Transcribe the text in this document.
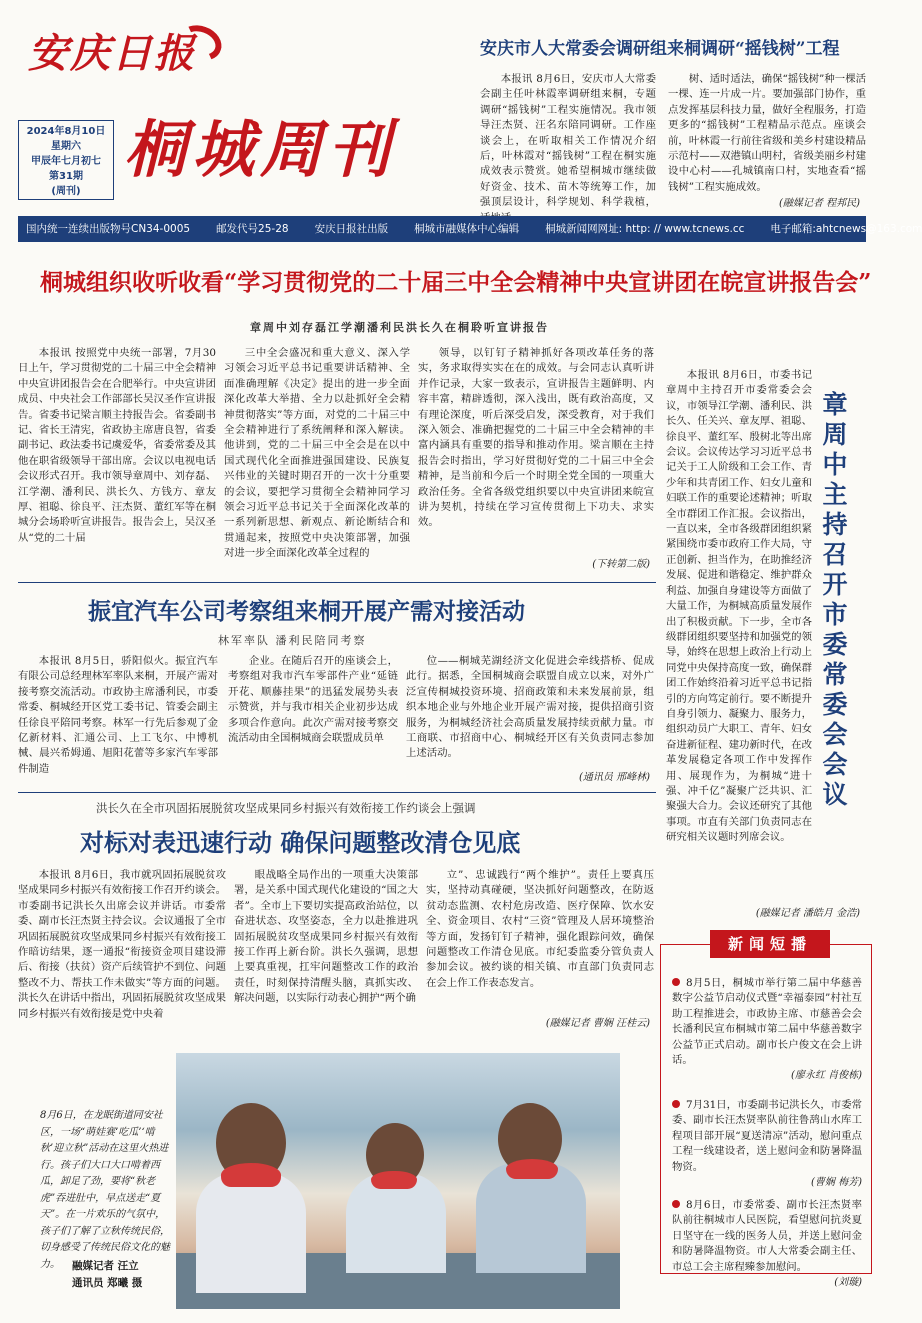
安庆日报
2024年8月10日
星期六
甲辰年七月初七
第31期
(周刊)
桐城周刊
安庆市人大常委会调研组来桐调研“摇钱树”工程

本报讯 8月6日，安庆市人大常委会副主任叶林霞率调研组来桐，专题调研“摇钱树”工程实施情况。我市领导汪杰贤、汪名东陪同调研。工作座谈会上，在听取相关工作情况介绍后，叶林霞对“摇钱树”工程在桐实施成效表示赞赏。她希望桐城市继续做好资金、技术、苗木等统筹工作，加强顶层设计，科学规划、科学栽植，

树、适时适法，确保“摇钱树”种一棵活一棵、连一片成一片。要加强部门协作，重点发挥基层科技力量，做好全程服务，打造更多的“摇钱树”工程精品示范点。座谈会前，叶林霞一行前往省级和美乡村建设精品示范村——双港镇山明村，省级美丽乡村建设中心村——孔城镇南口村，实地查看“摇钱树”工程实施成效。

(融媒记者 程邦民)
国内统一连续出版物号CN34-0005 邮发代号25-28 安庆日报社出版 桐城市融媒体中心编辑 桐城新闻网网址: http: // www.tcnews.cc 电子邮箱:ahtcnews@163.com
桐城组织收听收看“学习贯彻党的二十届三中全会精神中央宣讲团在皖宣讲报告会”
章周中刘存磊江学潮潘利民洪长久在桐聆听宣讲报告

本报讯 按照党中央统一部署，7月30日上午，学习贯彻党的二十届三中全会精神中央宣讲团报告会在合肥举行。中央宣讲团成员、中央社会工作部部长吴汉圣作宣讲报告。省委书记梁言顺主持报告会。省委副书记、省长王清宪，省政协主席唐良智，省委副书记、政法委书记虞爱华，省委常委及其他在职省级领导干部出席。会议以电视电话会议形式召开。我市领导章周中、刘存磊、江学潮、潘利民、洪长久、方钱方、章友厚、祖聪、徐良平、汪杰贤、董红军等在桐城分会场聆听宣讲报告。报告会上，吴汉圣从“党的二十届

三中全会盛况和重大意义、深入学习领会习近平总书记重要讲话精神、全面准确理解《决定》提出的进一步全面深化改革大举措、全力以赴抓好全会精神贯彻落实”等方面，对党的二十届三中全会精神进行了系统阐释和深入解读。他讲到，党的二十届三中全会是在以中国式现代化全面推进强国建设、民族复兴伟业的关键时期召开的一次十分重要的会议，要把学习贯彻全会精神同学习领会习近平总书记关于全面深化改革的一系列新思想、新观点、新论断结合和贯通起来，按照党中央决策部署，加强对进一步全面深化改革全过程的

领导，以钉钉子精神抓好各项改革任务的落实，务求取得实实在在的成效。与会同志认真听讲并作记录，大家一致表示，宣讲报告主题鲜明、内容丰富，精辟透彻，深入浅出，既有政治高度，又有理论深度，听后深受启发，深受教育，对于我们深入领会、准确把握党的二十届三中全会精神的丰富内涵具有重要的指导和推动作用。梁言顺在主持报告会时指出，学习好贯彻好党的二十届三中全会精神，是当前和今后一个时期全党全国的一项重大政治任务。全省各级党组织要以中央宣讲团来皖宣讲为契机，持续在学习宣传贯彻上下功夫、求实效。

(下转第二版)

本报讯 8月6日，市委书记章周中主持召开市委常委会会议，市领导江学潮、潘利民、洪长久、任关兴、章友厚、祖聪、徐良平、董红军、殷树北等出席会议。会议传达学习习近平总书记关于工人阶级和工会工作、青少年和共青团工作、妇女儿童和妇联工作的重要论述精神；听取全市群团工作汇报。会议指出，一直以来，全市各级群团组织紧紧围绕市委市政府工作大局，守正创新、担当作为，在助推经济发展、促进和谐稳定、维护群众利益、加强自身建设等方面做了大量工作，为桐城高质量发展作出了积极贡献。下一步，全市各级群团组织要坚持和加强党的领导，始终在思想上政治上行动上同党中央保持高度一致，确保群团工作始终沿着习近平总书记指引的方向笃定前行。要不断提升自身引领力、凝聚力、服务力，组织动员广大职工、青年、妇女奋进新征程、建功新时代，在改革发展稳定各项工作中发挥作用、展现作为，为桐城“进十强、冲千亿”凝聚广泛共识、汇聚强大合力。会议还研究了其他事项。市直有关部门负责同志在研究相关议题时列席会议。

章周中主持召开市委常委会会议
(融媒记者 潘皓月 金浩)
振宜汽车公司考察组来桐开展产需对接活动
林军率队 潘利民陪同考察

本报讯 8月5日，骄阳似火。振宜汽车有限公司总经理林军率队来桐，开展产需对接考察交流活动。市政协主席潘利民，市委常委、桐城经开区党工委书记、管委会副主任徐良平陪同考察。林军一行先后参观了金亿新材料、汇通公司、上工飞尔、中博机械、晨兴希姆通、旭阳花蕾等多家汽车零部件制造

企业。在随后召开的座谈会上，考察组对我市汽车零部件产业“延链开花、顺藤挂果”的迅猛发展势头表示赞赏，并与我市相关企业初步达成多项合作意向。此次产需对接考察交流活动由全国桐城商会联盟成员单

位——桐城芜湖经济文化促进会牵线搭桥、促成此行。据悉，全国桐城商会联盟自成立以来，对外广泛宣传桐城投资环境、招商政策和未来发展前景，组织本地企业与外地企业开展产需对接，提供招商引资服务，为桐城经济社会高质量发展持续贡献力量。市工商联、市招商中心、桐城经开区有关负责同志参加上述活动。

(通讯员 邢峰林)
洪长久在全市巩固拓展脱贫攻坚成果同乡村振兴有效衔接工作约谈会上强调
对标对表迅速行动 确保问题整改清仓见底

本报讯 8月6日，我市就巩固拓展脱贫攻坚成果同乡村振兴有效衔接工作召开约谈会。市委副书记洪长久出席会议并讲话。市委常委、副市长汪杰贤主持会议。会议通报了全市巩固拓展脱贫攻坚成果同乡村振兴有效衔接工作暗访结果，逐一通报“衔接资金项目建设滞后、衔接（扶贫）资产后续管护不到位、问题整改不力、帮扶工作未做实”等方面的问题。洪长久在讲话中指出，巩固拓展脱贫攻坚成果同乡村振兴有效衔接是党中央着

眼战略全局作出的一项重大决策部署，是关系中国式现代化建设的“国之大者”。全市上下要切实提高政治站位，以奋进状态、攻坚姿态，全力以赴推进巩固拓展脱贫攻坚成果同乡村振兴有效衔接工作再上新台阶。洪长久强调，思想上要真重视，扛牢问题整改工作的政治责任，时刻保持清醒头脑，真抓实改、解决问题，以实际行动表心拥护“两个确

立”、忠诚践行“两个维护”。责任上要真压实，坚持动真碰硬，坚决抓好问题整改，在防返贫动态监测、农村危房改造、医疗保障、饮水安全、资金项目、农村“三资”管理及人居环境整治等方面，发扬钉钉子精神，强化跟踪问效，确保问题整改工作清仓见底。市纪委监委分管负责人参加会议。被约谈的相关镇、市直部门负责同志在会上作工作表态发言。

(融媒记者 曹娴 汪桂云)
8月6日，在龙眠街道同安社区，一场“萌娃赛‘吃瓜’‘啃秋’迎立秋”活动在这里火热进行。孩子们大口大口啃着西瓜，卸足了劲，要将“秋老虎”吞进肚中，早点送走“夏天”。在一片欢乐的气氛中，孩子们了解了立秋传统民俗，切身感受了传统民俗文化的魅力。	融媒记者 汪立
通讯员 郑曦 摄
新闻短播
8月5日，桐城市举行第二届中华慈善数字公益节启动仪式暨“幸福泰园”村社互助工程推进会，市政协主席、市慈善会会长潘利民宣布桐城市第二届中华慈善数字公益节正式启动。副市长户俊文在会上讲话。
(廖永红 肖俊栋)
7月31日，市委副书记洪长久，市委常委、副市长汪杰贤率队前往鲁鸹山水库工程项目部开展“夏送清凉”活动，慰问重点工程一线建设者，送上慰问金和防暑降温物资。
(曹娴 梅芳)
8月6日，市委常委、副市长汪杰贤率队前往桐城市人民医院，看望慰问抗炎夏日坚守在一线的医务人员，并送上慰问金和防暑降温物资。市人大常委会副主任、市总工会主席程臻参加慰问。
(刘璇)
